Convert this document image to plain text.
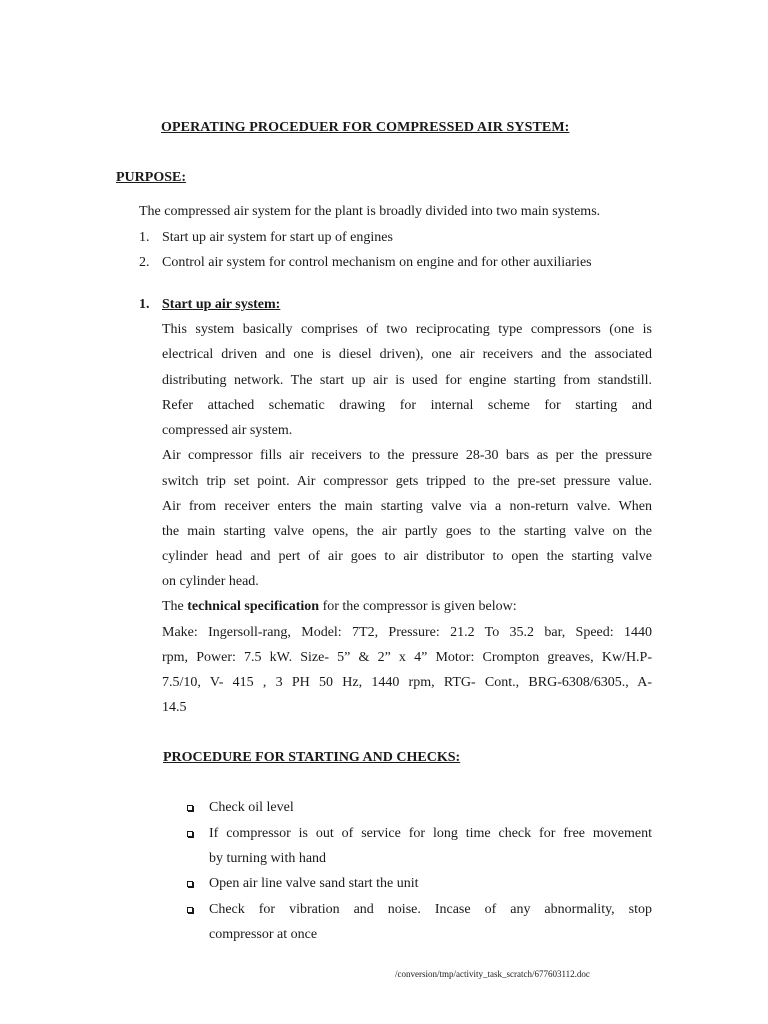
OPERATING PROCEDUER FOR COMPRESSED AIR SYSTEM:
PURPOSE:
The compressed air system for the plant is broadly divided into two main systems.
1. Start up air system for start up of engines
2. Control air system for control mechanism on engine and for other auxiliaries
1. Start up air system:
This system basically comprises of two reciprocating type compressors (one is
electrical driven and one is diesel driven), one air receivers and the associated
distributing network. The start up air is used for engine starting from standstill.
Refer attached schematic drawing for internal scheme for starting and
compressed air system.
Air compressor fills air receivers to the pressure 28-30 bars as per the pressure
switch trip set point. Air compressor gets tripped to the pre-set pressure value.
Air from receiver enters the main starting valve via a non-return valve. When
the main starting valve opens, the air partly goes to the starting valve on the
cylinder head and pert of air goes to air distributor to open the starting valve
on cylinder head.
The technical specification for the compressor is given below:
Make: Ingersoll-rang, Model: 7T2, Pressure: 21.2 To 35.2 bar, Speed: 1440
rpm, Power: 7.5 kW. Size- 5” & 2” x 4” Motor: Crompton greaves, Kw/H.P-
7.5/10, V- 415 , 3 PH 50 Hz, 1440 rpm, RTG- Cont., BRG-6308/6305., A-
14.5
PROCEDURE FOR STARTING AND CHECKS:
Check oil level
If compressor is out of service for long time check for free movement
by turning with hand
Open air line valve sand start the unit
Check for vibration and noise. Incase of any abnormality, stop
compressor at once
/conversion/tmp/activity_task_scratch/677603112.doc
